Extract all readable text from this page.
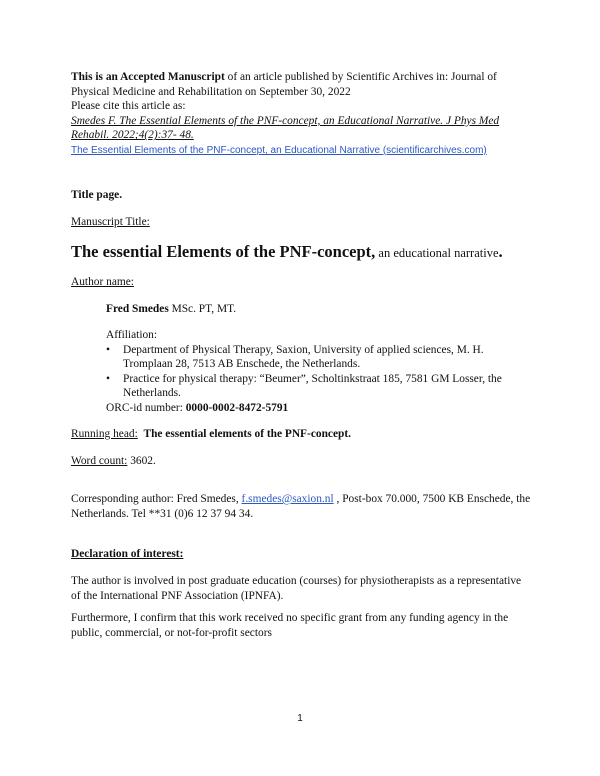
This is an Accepted Manuscript of an article published by Scientific Archives in: Journal of Physical Medicine and Rehabilitation on September 30, 2022
Please cite this article as:
Smedes F. The Essential Elements of the PNF-concept, an Educational Narrative. J Phys Med Rehabil. 2022;4(2):37- 48.
The Essential Elements of the PNF-concept, an Educational Narrative (scientificarchives.com)
Title page.
Manuscript Title:
The essential Elements of the PNF-concept, an educational narrative.
Author name:
Fred Smedes MSc. PT, MT.
Affiliation:
• Department of Physical Therapy, Saxion, University of applied sciences, M. H. Tromplaan 28, 7513 AB Enschede, the Netherlands.
• Practice for physical therapy: “Beumer”, Scholtinkstraat 185, 7581 GM Losser, the Netherlands.
ORC-id number: 0000-0002-8472-5791
Running head: The essential elements of the PNF-concept.
Word count: 3602.
Corresponding author: Fred Smedes, f.smedes@saxion.nl , Post-box 70.000, 7500 KB Enschede, the Netherlands. Tel **31 (0)6 12 37 94 34.
Declaration of interest:
The author is involved in post graduate education (courses) for physiotherapists as a representative of the International PNF Association (IPNFA).
Furthermore, I confirm that this work received no specific grant from any funding agency in the public, commercial, or not-for-profit sectors
1
